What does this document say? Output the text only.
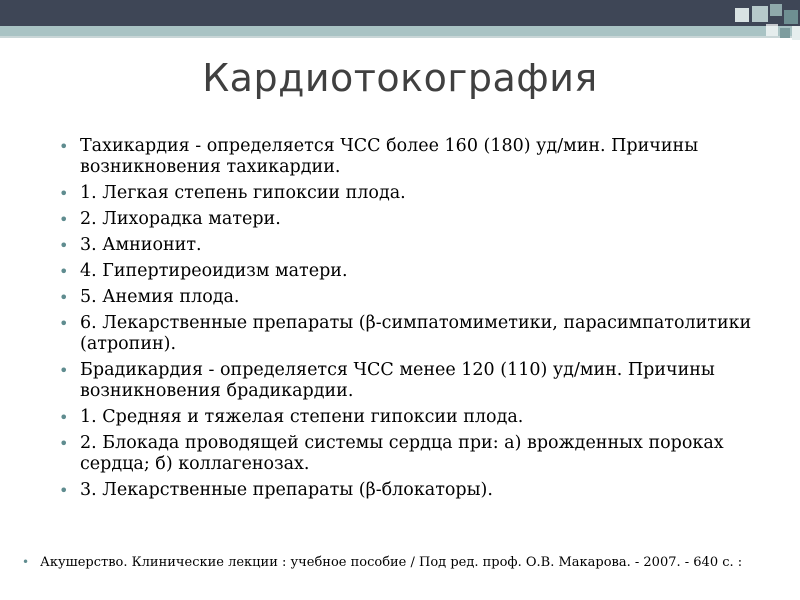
Кардиотокография
• Тахикардия - определяется ЧСС более 160 (180) уд/мин. Причины возникновения тахикардии.
• 1. Легкая степень гипоксии плода.
• 2. Лихорадка матери.
• 3. Амнионит.
• 4. Гипертиреоидизм матери.
• 5. Анемия плода.
• 6. Лекарственные препараты (β-симпатомиметики, парасимпатолитики (атропин).
• Брадикардия - определяется ЧСС менее 120 (110) уд/мин. Причины возникновения брадикардии.
• 1. Средняя и тяжелая степени гипоксии плода.
• 2. Блокада проводящей системы сердца при: а) врожденных пороках сердца; б) коллагенозах.
• 3. Лекарственные препараты (β-блокаторы).
• Акушерство. Клинические лекции : учебное пособие / Под ред. проф. О.В. Макарова. - 2007. - 640 с. :
